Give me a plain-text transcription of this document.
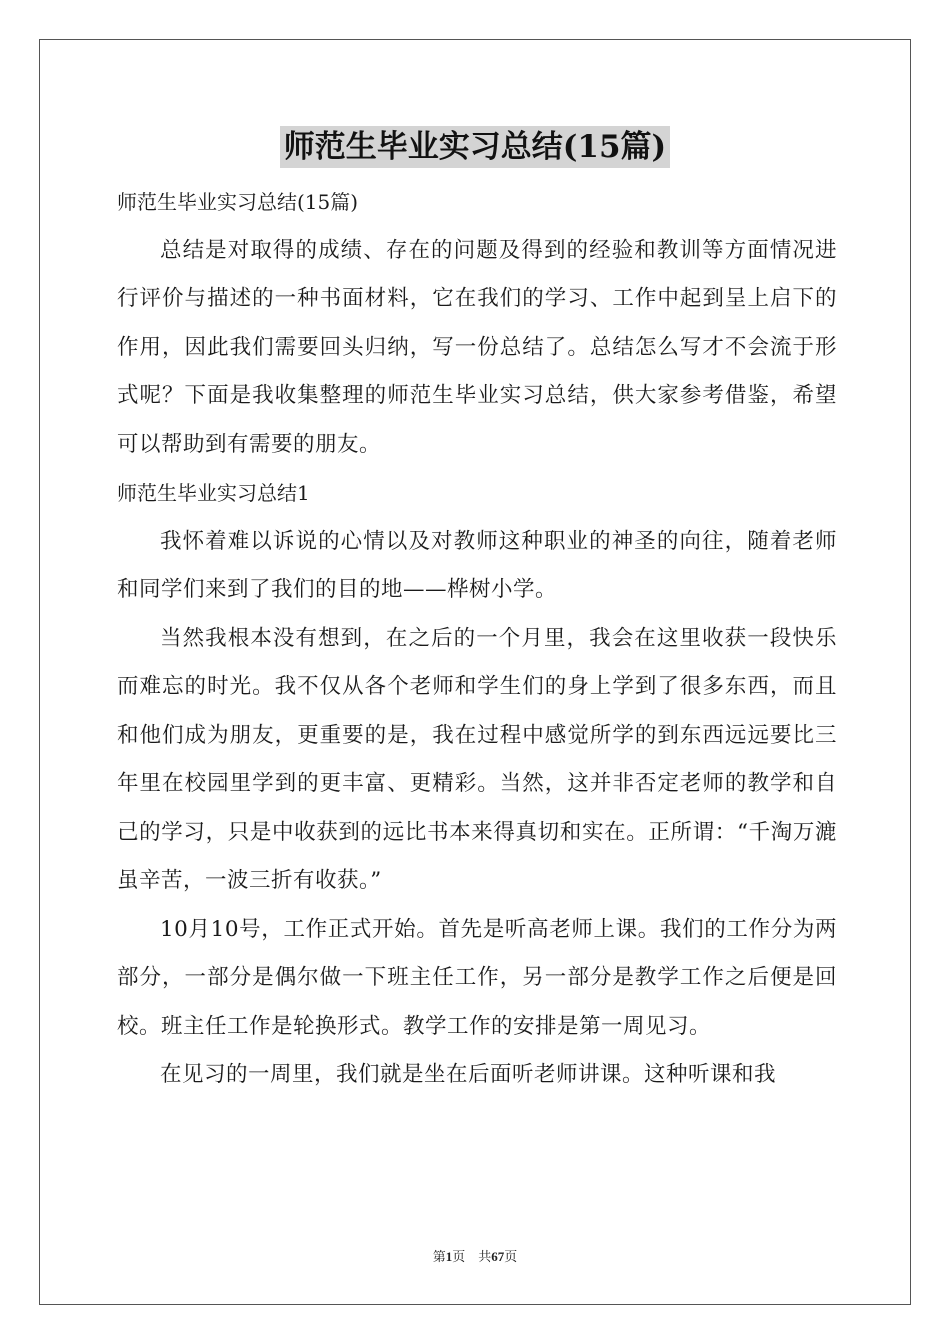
师范生毕业实习总结(15篇)

师范生毕业实习总结(15篇)

总结是对取得的成绩、存在的问题及得到的经验和教训等方面情况进行评价与描述的一种书面材料，它在我们的学习、工作中起到呈上启下的作用，因此我们需要回头归纳，写一份总结了。总结怎么写才不会流于形式呢？下面是我收集整理的师范生毕业实习总结，供大家参考借鉴，希望可以帮助到有需要的朋友。

师范生毕业实习总结1

我怀着难以诉说的心情以及对教师这种职业的神圣的向往，随着老师和同学们来到了我们的目的地——桦树小学。

当然我根本没有想到，在之后的一个月里，我会在这里收获一段快乐而难忘的时光。我不仅从各个老师和学生们的身上学到了很多东西，而且和他们成为朋友，更重要的是，我在过程中感觉所学的到东西远远要比三年里在校园里学到的更丰富、更精彩。当然，这并非否定老师的教学和自己的学习，只是中收获到的远比书本来得真切和实在。正所谓：“千淘万漉虽辛苦，一波三折有收获。”

10月10号，工作正式开始。首先是听高老师上课。我们的工作分为两部分，一部分是偶尔做一下班主任工作，另一部分是教学工作之后便是回校。班主任工作是轮换形式。教学工作的安排是第一周见习。

在见习的一周里，我们就是坐在后面听老师讲课。这种听课和我

第1页　共67页
